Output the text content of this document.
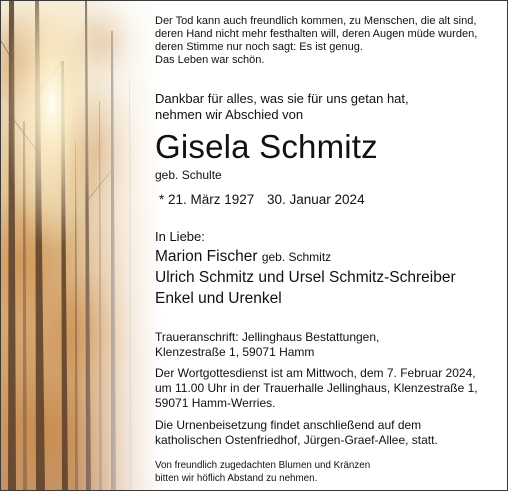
Der Tod kann auch freundlich kommen, zu Menschen, die alt sind,
deren Hand nicht mehr festhalten will, deren Augen müde wurden,
deren Stimme nur noch sagt: Es ist genug.
Das Leben war schön.
Dankbar für alles, was sie für uns getan hat,
nehmen wir Abschied von
Gisela Schmitz
geb. Schulte
* 21. März 1927 30. Januar 2024
In Liebe:
Marion Fischer geb. Schmitz
Ulrich Schmitz und Ursel Schmitz-Schreiber
Enkel und Urenkel
Traueranschrift: Jellinghaus Bestattungen,
Klenzestraße 1, 59071 Hamm
Der Wortgottesdienst ist am Mittwoch, dem 7. Februar 2024,
um 11.00 Uhr in der Trauerhalle Jellinghaus, Klenzestraße 1,
59071 Hamm-Werries.
Die Urnenbeisetzung findet anschließend auf dem
katholischen Ostenfriedhof, Jürgen-Graef-Allee, statt.
Von freundlich zugedachten Blumen und Kränzen
bitten wir höflich Abstand zu nehmen.
